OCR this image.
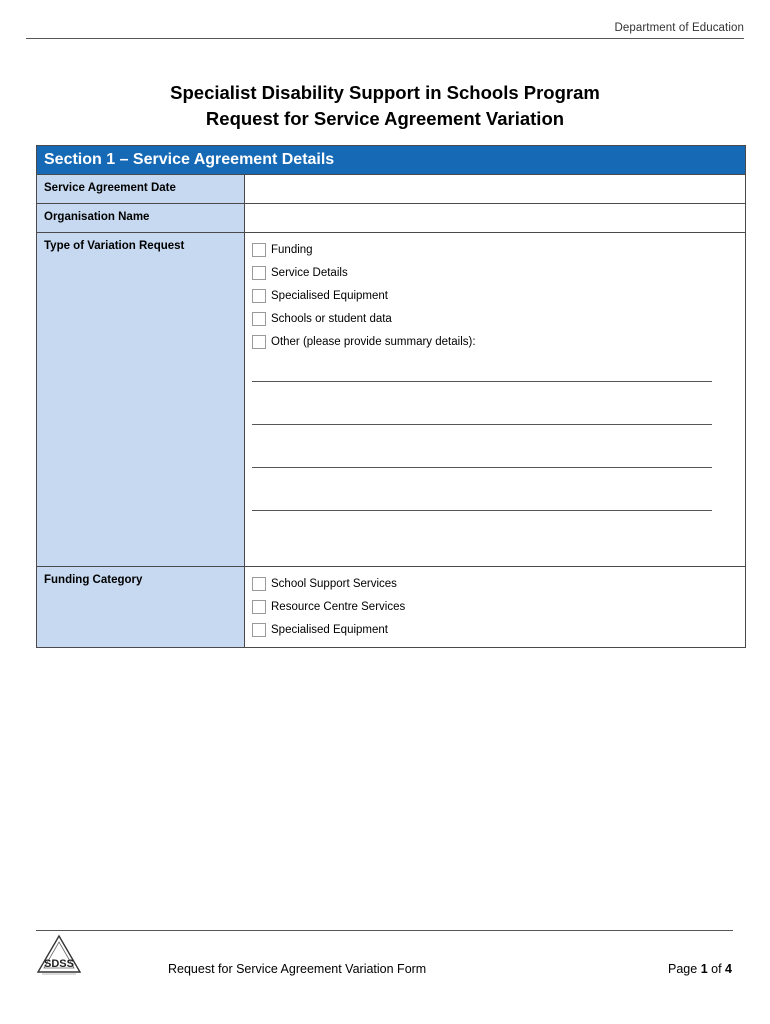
Department of Education
Specialist Disability Support in Schools Program
Request for Service Agreement Variation
Section 1 – Service Agreement Details
Service Agreement Date
Organisation Name
Type of Variation Request	Funding
Service Details
Specialised Equipment
Schools or student data
Other (please provide summary details):
Funding Category	School Support Services
Resource Centre Services
Specialised Equipment
SDSS	Request for Service Agreement Variation Form	Page 1 of 4
